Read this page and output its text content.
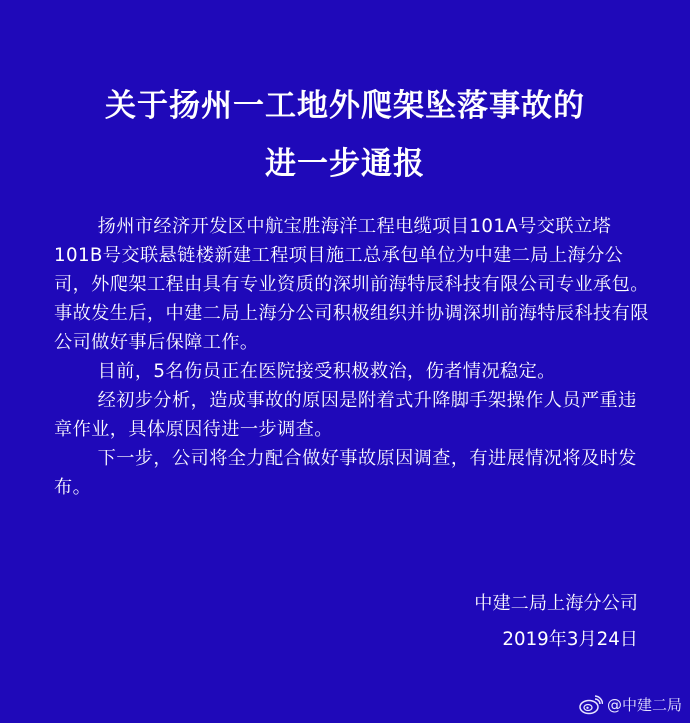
关于扬州一工地外爬架坠落事故的
进一步通报

扬州市经济开发区中航宝胜海洋工程电缆项目101A号交联立塔101B号交联悬链楼新建工程项目施工总承包单位为中建二局上海分公司，外爬架工程由具有专业资质的深圳前海特辰科技有限公司专业承包。事故发生后，中建二局上海分公司积极组织并协调深圳前海特辰科技有限公司做好事后保障工作。

目前，5名伤员正在医院接受积极救治，伤者情况稳定。

经初步分析，造成事故的原因是附着式升降脚手架操作人员严重违章作业，具体原因待进一步调查。

下一步，公司将全力配合做好事故原因调查，有进展情况将及时发布。

中建二局上海分公司

2019年3月24日

@中建二局
